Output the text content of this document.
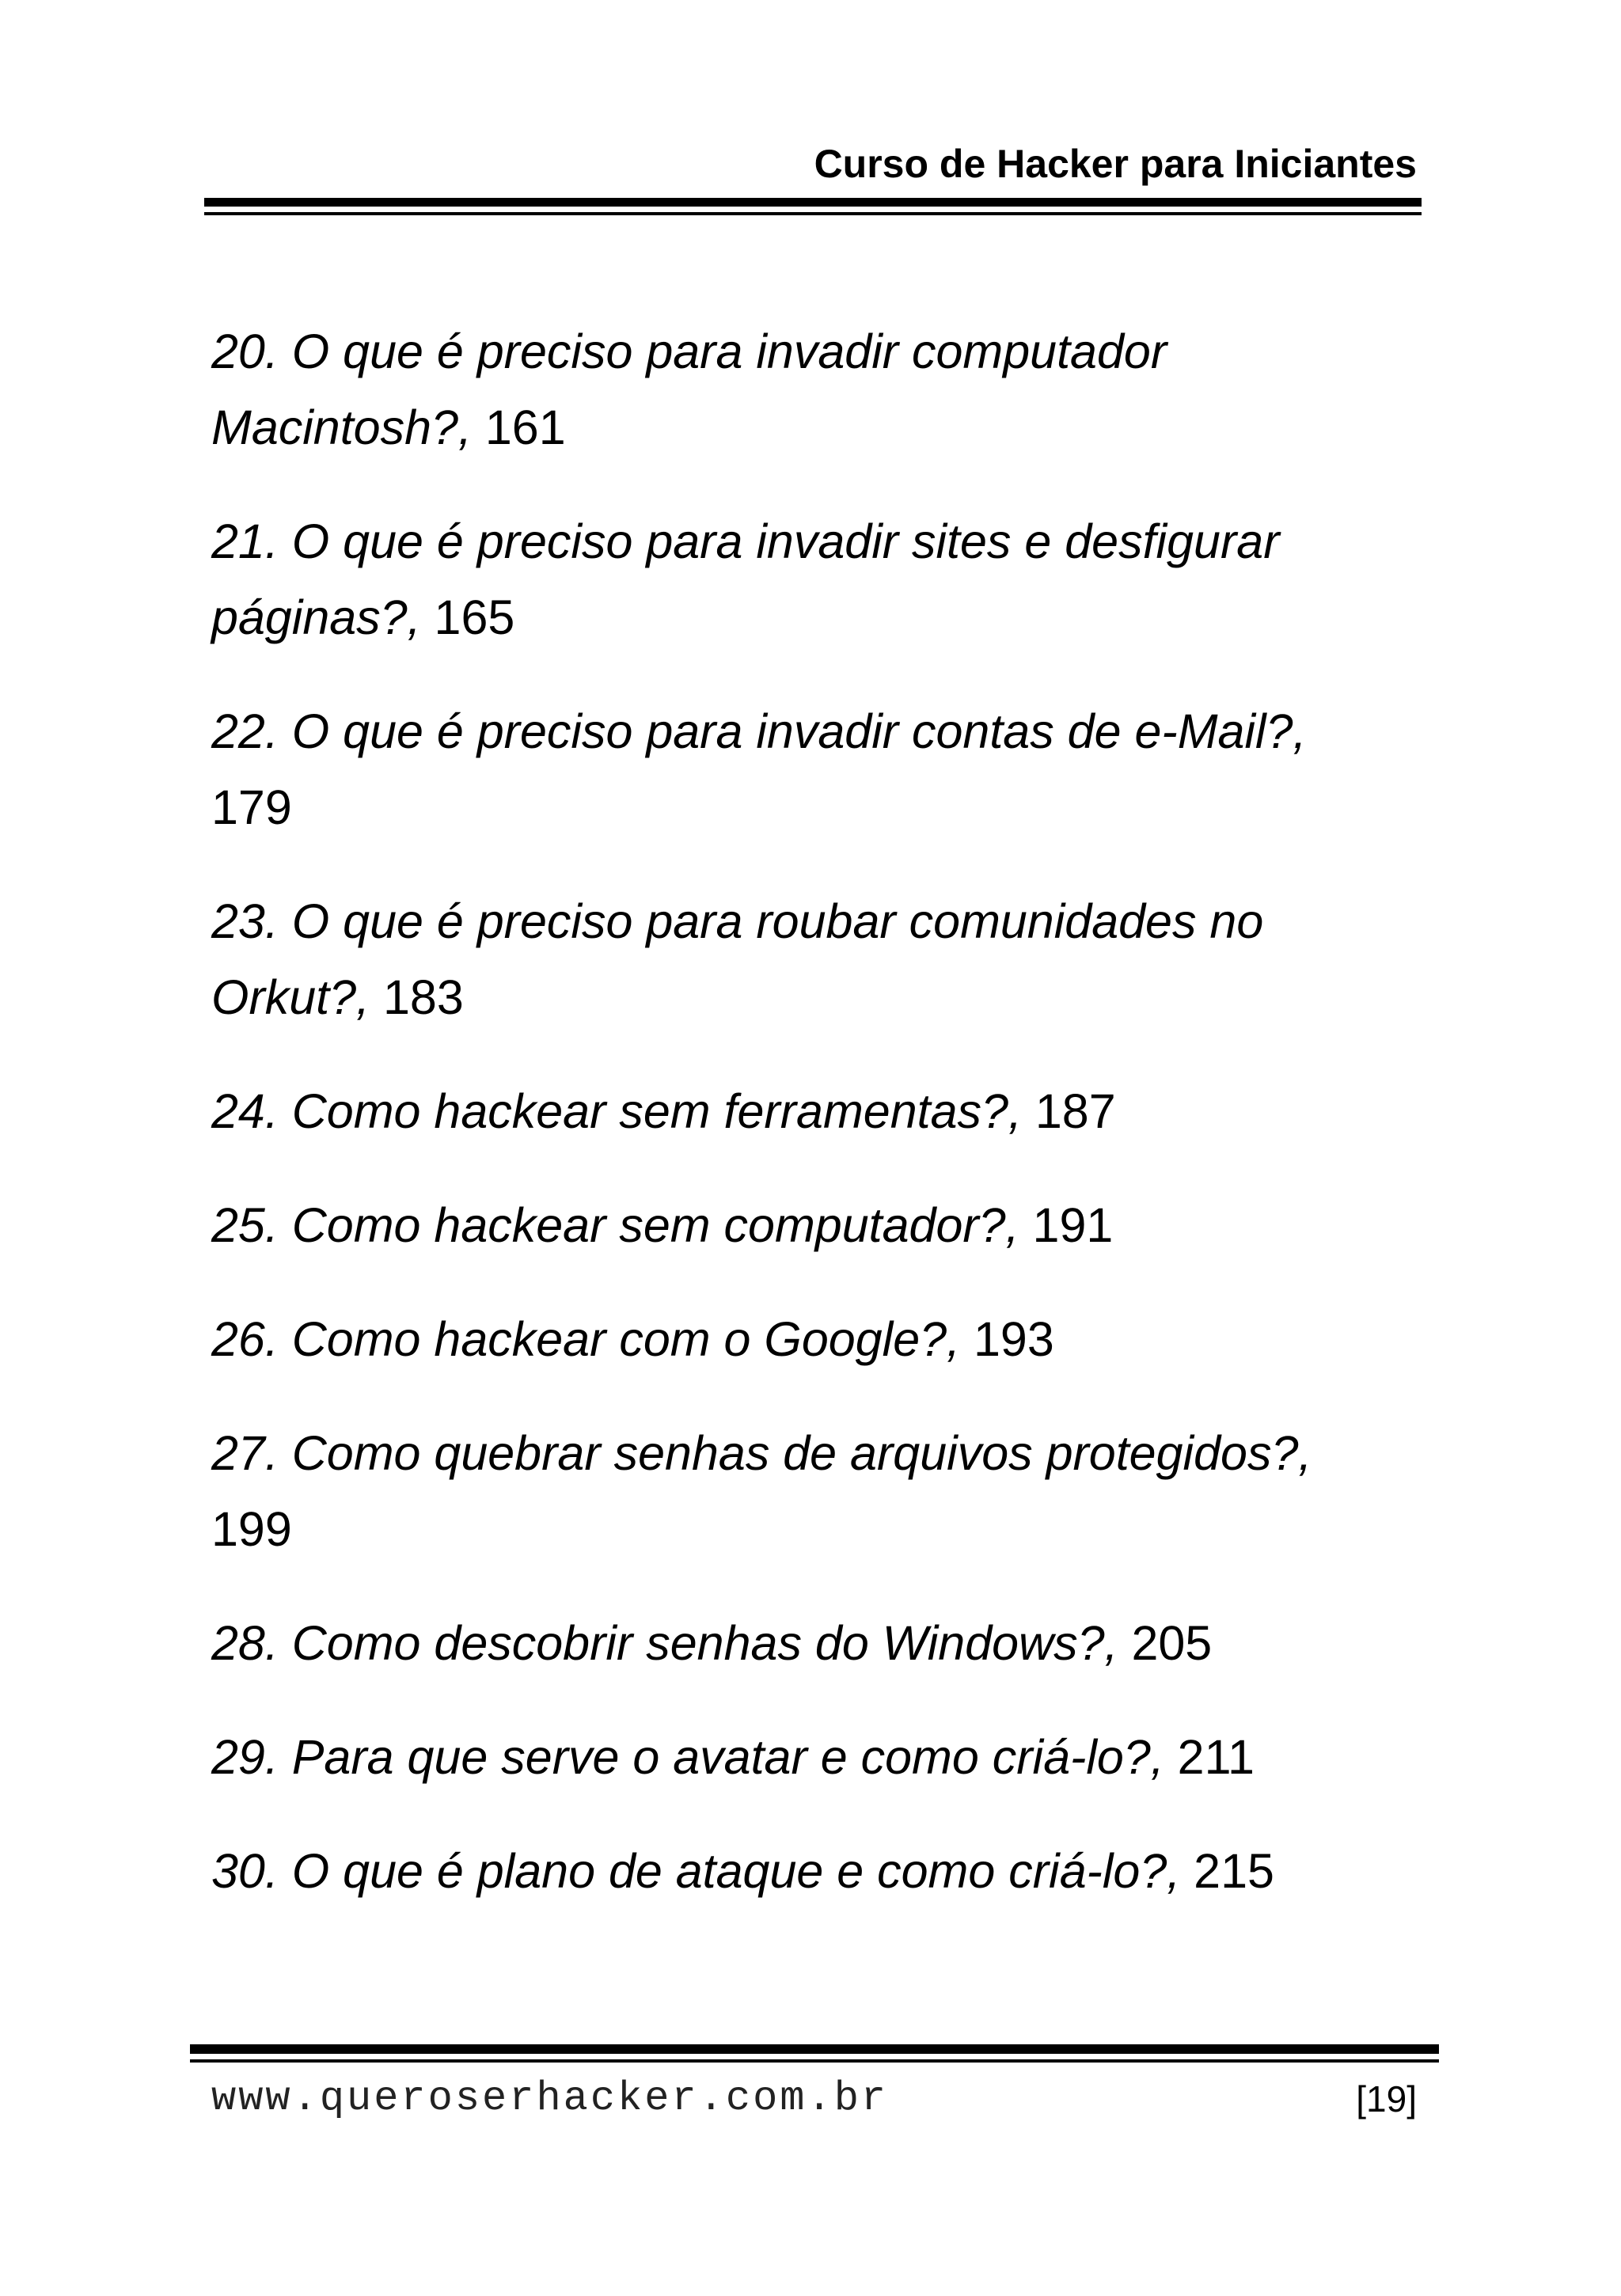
Curso de Hacker para Iniciantes
20. O que é preciso para invadir computador Macintosh?, 161
21. O que é preciso para invadir sites e desfigurar páginas?, 165
22. O que é preciso para invadir contas de e-Mail?, 179
23. O que é preciso para roubar comunidades no Orkut?, 183
24. Como hackear sem ferramentas?, 187
25. Como hackear sem computador?, 191
26. Como hackear com o Google?, 193
27. Como quebrar senhas de arquivos protegidos?, 199
28. Como descobrir senhas do Windows?, 205
29. Para que serve o avatar e como criá-lo?, 211
30. O que é plano de ataque e como criá-lo?, 215
www.queroserhacker.com.br	[19]
